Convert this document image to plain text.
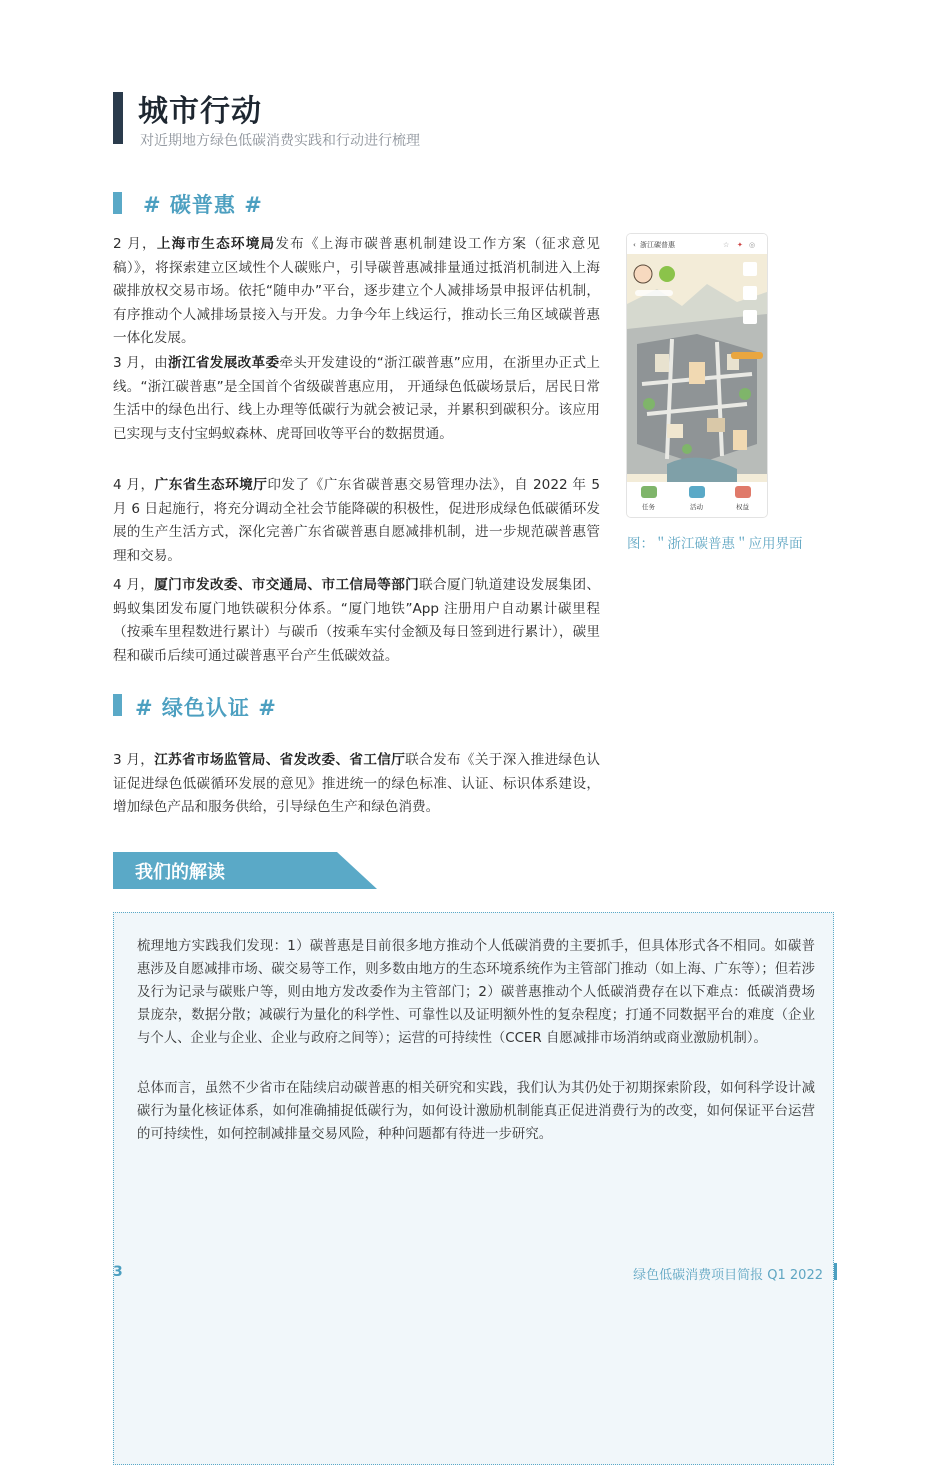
城市行动
对近期地方绿色低碳消费实践和行动进行梳理
# 碳普惠 #
2 月，上海市生态环境局发布《上海市碳普惠机制建设工作方案（征求意见稿）》，将探索建立区域性个人碳账户，引导碳普惠减排量通过抵消机制进入上海碳排放权交易市场。依托“随申办”平台，逐步建立个人减排场景申报评估机制，有序推动个人减排场景接入与开发。力争今年上线运行，推动长三角区域碳普惠一体化发展。
3 月，由浙江省发展改革委牵头开发建设的“浙江碳普惠”应用，在浙里办正式上线。“浙江碳普惠”是全国首个省级碳普惠应用， 开通绿色低碳场景后，居民日常生活中的绿色出行、线上办理等低碳行为就会被记录，并累积到碳积分。该应用已实现与支付宝蚂蚁森林、虎哥回收等平台的数据贯通。
4 月，广东省生态环境厅印发了《广东省碳普惠交易管理办法》，自 2022 年 5 月 6 日起施行，将充分调动全社会节能降碳的积极性，促进形成绿色低碳循环发展的生产生活方式，深化完善广东省碳普惠自愿减排机制，进一步规范碳普惠管理和交易。
4 月，厦门市发改委、市交通局、市工信局等部门联合厦门轨道建设发展集团、蚂蚁集团发布厦门地铁碳积分体系。“厦门地铁”App 注册用户自动累计碳里程（按乘车里程数进行累计）与碳币（按乘车实付金额及每日签到进行累计），碳里程和碳币后续可通过碳普惠平台产生低碳效益。
‹ 浙江碳普惠	☆ ✦ ◎
任务	活动	权益
图：＂浙江碳普惠＂应用界面
# 绿色认证 #
3 月，江苏省市场监管局、省发改委、省工信厅联合发布《关于深入推进绿色认证促进绿色低碳循环发展的意见》推进统一的绿色标准、认证、标识体系建设，增加绿色产品和服务供给，引导绿色生产和绿色消费。
我们的解读
梳理地方实践我们发现：1）碳普惠是目前很多地方推动个人低碳消费的主要抓手，但具体形式各不相同。如碳普惠涉及自愿减排市场、碳交易等工作，则多数由地方的生态环境系统作为主管部门推动（如上海、广东等）；但若涉及行为记录与碳账户等，则由地方发改委作为主管部门；2）碳普惠推动个人低碳消费存在以下难点：低碳消费场景庞杂，数据分散；减碳行为量化的科学性、可靠性以及证明额外性的复杂程度；打通不同数据平台的难度（企业与个人、企业与企业、企业与政府之间等）；运营的可持续性（CCER 自愿减排市场消纳或商业激励机制）。
总体而言，虽然不少省市在陆续启动碳普惠的相关研究和实践，我们认为其仍处于初期探索阶段，如何科学设计减碳行为量化核证体系，如何准确捕捉低碳行为，如何设计激励机制能真正促进消费行为的改变，如何保证平台运营的可持续性，如何控制减排量交易风险，种种问题都有待进一步研究。
3	绿色低碳消费项目简报 Q1 2022
